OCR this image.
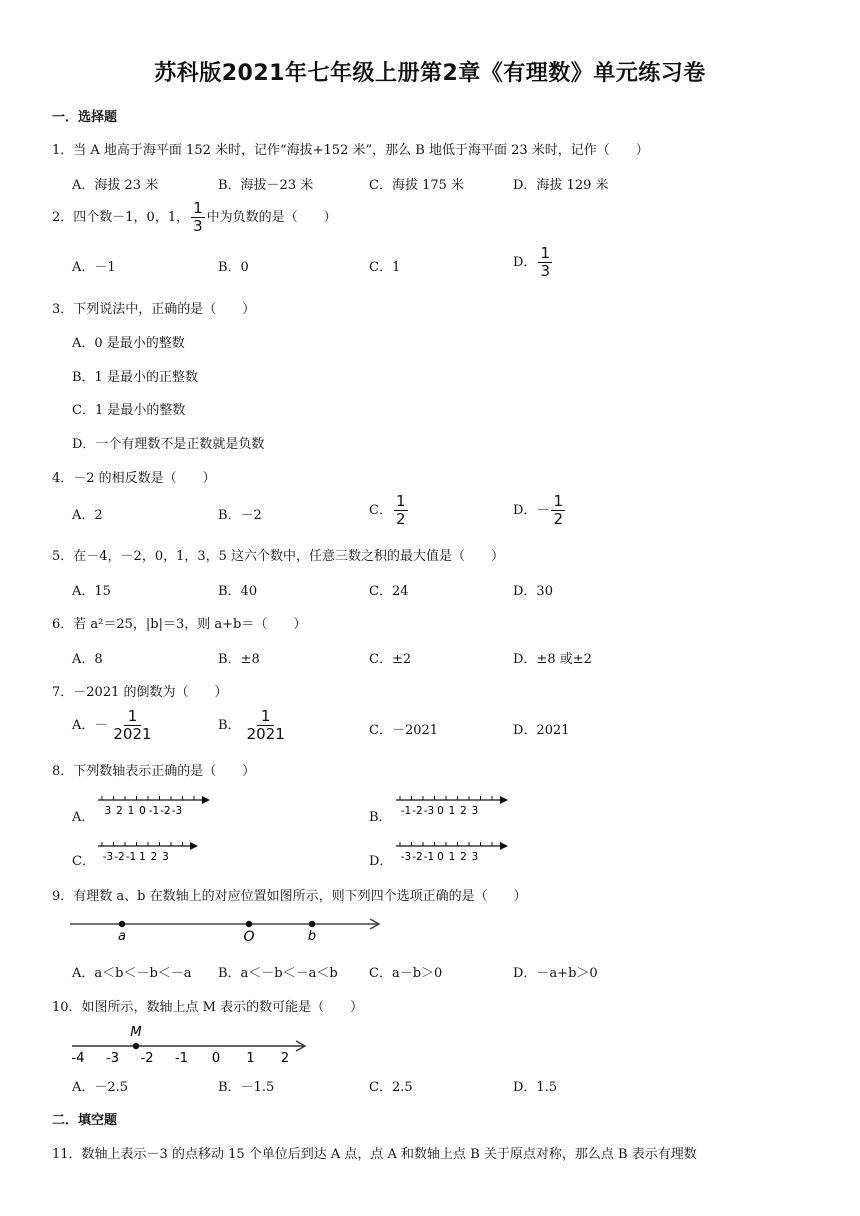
苏科版2021年七年级上册第2章《有理数》单元练习卷
一．选择题
1．当 A 地高于海平面 152 米时，记作“海拔+152 米”，那么 B 地低于海平面 23 米时，记作（　　）
A．海拔 23 米	B．海拔－23 米	C．海拔 175 米	D．海拔 129 米
2．四个数－1，0，1， $\frac{1}{3}$ 中为负数的是（　　）
A．－1	B．0	C．1	D． $\frac{1}{3}$
3．下列说法中，正确的是（　　）
A．0 是最小的整数
B．1 是最小的正整数
C．1 是最小的整数
D．一个有理数不是正数就是负数
4．－2 的相反数是（　　）
A．2	B．－2	C． $\frac{1}{2}$	D．－ $\frac{1}{2}$
5．在－4，－2，0，1，3，5 这六个数中，任意三数之积的最大值是（　　）
A．15	B．40	C．24	D．30
6．若 a²＝25，|b|＝3，则 a+b＝（　　）
A．8	B．±8	C．±2	D．±8 或±2
7．－2021 的倒数为（　　）
A．－ $\frac{1}{2021}$	B． $\frac{1}{2021}$	C．－2021	D．2021
8．下列数轴表示正确的是（　　）
A．	B．
C．	D．
3 2 1 0 -1 -2 -3	-1 -2 -3 0 1 2 3
-3 -2 -1 1 2 3	-3 -2 -1 0 1 2 3
9．有理数 a、b 在数轴上的对应位置如图所示，则下列四个选项正确的是（　　）
a	O	b
A．a＜b＜－b＜－a B．a＜－b＜－a＜b C．a－b＞0	D．－a+b＞0
10．如图所示，数轴上点 M 表示的数可能是（　　）
M
-4 -3 -2 -1 0 1 2
A．－2.5	B．－1.5	C．2.5	D．1.5
二．填空题
11．数轴上表示－3 的点移动 15 个单位后到达 A 点，点 A 和数轴上点 B 关于原点对称，那么点 B 表示有理数
